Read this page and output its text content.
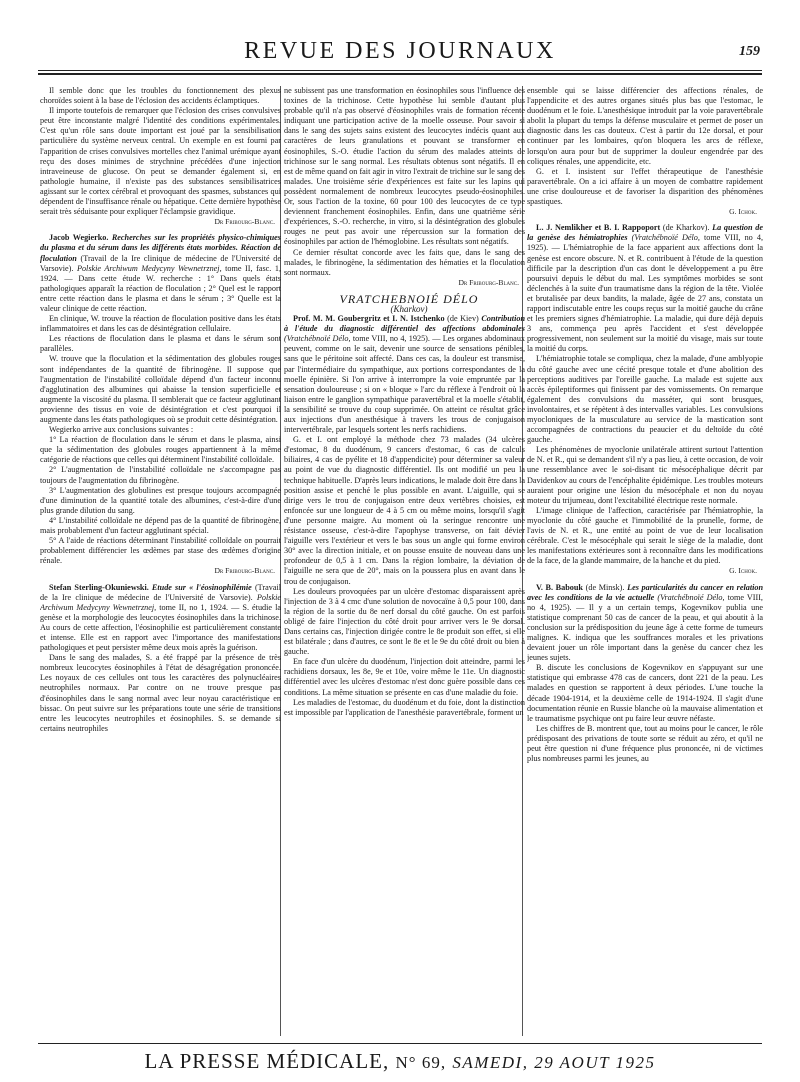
REVUE DES JOURNAUX	159

Il semble donc que les troubles du fonctionnement des plexus choroïdes soient à la base de l'éclosion des accidents éclamptiques.

Il importe toutefois de remarquer que l'éclosion des crises convulsives peut être inconstante malgré l'identité des conditions expérimentales. C'est qu'un rôle sans doute important est joué par la sensibilisation particulière du système nerveux central. Un exemple en est fourni par l'apparition de crises convulsives mortelles chez l'animal urémique ayant reçu des doses minimes de strychnine précédées d'une injection intraveineuse de glucose. On peut se demander également si, en pathologie humaine, il n'existe pas des substances sensibilisatrices agissant sur le cortex cérébral et provoquant des spasmes, substances qui dépendent de l'insuffisance rénale ou hépatique. Cette dernière hypothèse serait très séduisante pour expliquer l'éclampsie gravidique.

Dr Fribourg-Blanc.

Jacob Wegierko. Recherches sur les propriétés physico-chimiques du plasma et du sérum dans les différents états morbides. Réaction de floculation (Travail de la Ire clinique de médecine de l'Université de Varsovie). Polskie Archiwum Medycyny Wewnetrznej, tome II, fasc. 1, 1924. — Dans cette étude W. recherche : 1° Dans quels états pathologiques apparaît la réaction de floculation ; 2° Quel est le rapport entre cette réaction dans le plasma et dans le sérum ; 3° Quelle est la valeur clinique de cette réaction.

En clinique, W. trouve la réaction de floculation positive dans les états inflammatoires et dans les cas de désintégration cellulaire.

Les réactions de floculation dans le plasma et dans le sérum sont parallèles.

W. trouve que la floculation et la sédimentation des globules rouges sont indépendantes de la quantité de fibrinogène. Il suppose que l'augmentation de l'instabilité colloïdale dépend d'un facteur inconnu d'agglutination des albumines qui abaisse la tension superficielle et augmente la viscosité du plasma. Il semblerait que ce facteur agglutinant provienne des tissus en voie de désintégration et c'est pourquoi il augmente dans les états pathologiques où se produit cette désintégration.

Wegierko arrive aux conclusions suivantes :

1° La réaction de floculation dans le sérum et dans le plasma, ainsi que la sédimentation des globules rouges appartiennent à la même catégorie de réactions que celles qui déterminent l'instabilité colloïdale.

2° L'augmentation de l'instabilité colloïdale ne s'accompagne pas toujours de l'augmentation du fibrinogène.

3° L'augmentation des globulines est presque toujours accompagnée d'une diminution de la quantité totale des albumines, c'est-à-dire d'une plus grande dilution du sang.

4° L'instabilité colloïdale ne dépend pas de la quantité de fibrinogène, mais probablement d'un facteur agglutinant spécial.

5° A l'aide de réactions déterminant l'instabilité colloïdale on pourrait probablement différencier les œdèmes par stase des œdèmes d'origine rénale.

Dr Fribourg-Blanc.

Stefan Sterling-Okuniewski. Etude sur « l'éosinophilémie (Travail de la Ire clinique de médecine de l'Université de Varsovie). Polskie Archiwum Medycyny Wewnetrznej, tome II, no 1, 1924. — S. étudie la genèse et la morphologie des leucocytes éosinophiles dans la trichinose. Au cours de cette affection, l'éosinophilie est particulièrement constante et intense. Elle est en rapport avec l'importance des manifestations pathologiques et peut persister même deux mois après la guérison.

Dans le sang des malades, S. a été frappé par la présence de très nombreux leucocytes éosinophiles à l'état de désagrégation prononcée. Les noyaux de ces cellules ont tous les caractères des polynucléaires neutrophiles normaux. Par contre on ne trouve presque pas d'éosinophiles dans le sang normal avec leur noyau caractéristique en bissac. On peut suivre sur les préparations toute une série de transitions entre les leucocytes neutrophiles et éosinophiles. S. se demande si certains neutrophiles

ne subissent pas une transformation en éosinophiles sous l'influence des toxines de la trichinose. Cette hypothèse lui semble d'autant plus probable qu'il n'a pas observé d'éosinophiles vrais de formation récente indiquant une participation active de la moelle osseuse. Pour savoir si dans le sang des sujets sains existent des leucocytes indécis quant aux caractères de leurs granulations et pouvant se transformer en éosinophiles, S.-O. étudie l'action du sérum des malades atteints de trichinose sur le sang normal. Les résultats obtenus sont négatifs. Il en est de même quand on fait agir in vitro l'extrait de trichine sur le sang des malades. Une troisième série d'expériences est faite sur les lapins qui possèdent normalement de nombreux leucocytes pseudo-éosinophiles. Or, sous l'action de la toxine, 60 pour 100 des leucocytes de ce type deviennent franchement éosinophiles. Enfin, dans une quatrième série d'expériences, S.-O. recherche, in vitro, si la désintégration des globules rouges ne peut pas avoir une répercussion sur la formation des éosinophiles par action de l'hémoglobine. Les résultats sont négatifs.

Ce dernier résultat concorde avec les faits que, dans le sang des malades, le fibrinogène, la sédimentation des hématies et la floculation sont normaux.

Dr Fribourg-Blanc.

VRATCHEBNOIÉ DÉLO

(Kharkov)

Prof. M. M. Goubergritz et I. N. Istchenko (de Kiev) Contribution à l'étude du diagnostic différentiel des affections abdominales (Vratchébnoïé Délo, tome VIII, no 4, 1925). — Les organes abdominaux peuvent, comme on le sait, devenir une source de sensations pénibles, sans que le péritoine soit affecté. Dans ces cas, la douleur est transmise, par l'intermédiaire du sympathique, aux portions correspondantes de la moelle épinière. Si l'on arrive à interrompre la voie empruntée par la sensation douloureuse ; si on « bloque » l'arc du réflexe à l'endroit où la liaison entre le ganglion sympathique paravertébral et la moelle s'établit, la sensibilité se trouve du coup supprimée. On atteint ce résultat grâce aux injections d'un anesthésique à travers les trous de conjugaison intervertébrale, par lesquels sortent les nerfs rachidiens.

G. et I. ont employé la méthode chez 73 malades (34 ulcères d'estomac, 8 du duodénum, 9 cancers d'estomac, 6 cas de calculs biliaires, 4 cas de pyélite et 18 d'appendicite) pour déterminer sa valeur au point de vue du diagnostic différentiel. Ils ont modifié un peu la technique habituelle. D'après leurs indications, le malade doit être dans la position assise et penché le plus possible en avant. L'aiguille, qui se dirige vers le trou de conjugaison entre deux vertèbres choisies, est enfoncée sur une longueur de 4 à 5 cm ou même moins, lorsqu'il s'agit d'une personne maigre. Au moment où la seringue rencontre une résistance osseuse, c'est-à-dire l'apophyse transverse, on fait dévier l'aiguille vers l'extérieur et vers le bas sous un angle qui forme environ 30° avec la direction initiale, et on pousse ensuite de nouveau dans une profondeur de 0,5 à 1 cm. Dans la région lombaire, la déviation de l'aiguille ne sera que de 20°, mais on la poussera plus en avant dans le trou de conjugaison.

Les douleurs provoquées par un ulcère d'estomac disparaissent après l'injection de 3 à 4 cmc d'une solution de novocaïne à 0,5 pour 100, dans la région de la sortie du 8e nerf dorsal du côté gauche. On est parfois obligé de faire l'injection du côté droit pour arriver vers le 9e dorsal. Dans certains cas, l'injection dirigée contre le 8e produit son effet, si elle est bilatérale ; dans d'autres, ce sont le 8e et le 9e du côté droit ou bien à gauche.

En face d'un ulcère du duodénum, l'injection doit atteindre, parmi les rachidiens dorsaux, les 8e, 9e et 10e, voire même le 11e. Un diagnostic différentiel avec les ulcères d'estomac n'est donc guère possible dans ces conditions. La même situation se présente en cas d'une maladie du foie.

Les maladies de l'estomac, du duodénum et du foie, dont la distinction est impossible par l'application de l'anesthésie paravertébrale, forment un

ensemble qui se laisse différencier des affections rénales, de l'appendicite et des autres organes situés plus bas que l'estomac, le duodénum et le foie. L'anesthésique introduit par la voie paravertébrale abolit la plupart du temps la défense musculaire et permet de poser un diagnostic dans les cas douteux. C'est à partir du 12e dorsal, et pour continuer par les lombaires, qu'on bloquera les arcs de réflexe, lorsqu'on aura pour but de supprimer la douleur engendrée par des coliques rénales, une appendicite, etc.

G. et I. insistent sur l'effet thérapeutique de l'anesthésie paravertébrale. On a ici affaire à un moyen de combattre rapidement une crise douloureuse et de favoriser la disparition des phénomènes spastiques.

G. Ichok.

L. J. Nemlikher et B. I. Rappoport (de Kharkov). La question de la genèse des hémiatrophies (Vratchébnoïé Délo, tome VIII, no 4, 1925). — L'hémiatrophie de la face apparient aux affections dont la genèse est encore obscure. N. et R. contribuent à l'étude de la question difficile par la description d'un cas dont le développement a pu être poursuivi depuis le début du mal. Les symptômes morbides se sont déclenchés à la suite d'un traumatisme dans la région de la tête. Violée et brutalisée par deux bandits, la malade, âgée de 27 ans, constata un rapport indiscutable entre les coups reçus sur la moitié gauche du crâne et les premiers signes d'hémiatrophie. La maladie, qui dure déjà depuis 3 ans, commença peu après l'accident et s'est développée progressivement, non seulement sur la moitié du visage, mais sur toute la moitié du corps.

L'hémiatrophie totale se compliqua, chez la malade, d'une amblyopie du côté gauche avec une cécité presque totale et d'une abolition des perceptions auditives par l'oreille gauche. La malade est sujette aux accès épileptiformes qui finissent par des vomissements. On remarque également des convulsions du masséter, qui sont brusques, involontaires, et se répètent à des intervalles variables. Les convulsions myocloniques de la musculature au service de la mastication sont accompagnées de contractions du peaucier et du deltoïde du côté gauche.

Les phénomènes de myoclonie unilatérale attirent surtout l'attention de N. et R., qui se demandent s'il n'y a pas lieu, à cette occasion, de voir une ressemblance avec le soi-disant tic mésocéphalique décrit par Davidenkov au cours de l'encéphalite épidémique. Les troubles moteurs auraient pour origine une lésion du mésocéphale et non du noyau moteur du trijumeau, dont l'excitabilité électrique reste normale.

L'image clinique de l'affection, caractérisée par l'hémiatrophie, la myoclonie du côté gauche et l'immobilité de la prunelle, forme, de l'avis de N. et R., une entité au point de vue de leur localisation cérébrale. C'est le mésocéphale qui serait le siège de la maladie, dont les manifestations extérieures sont à reconnaître dans les modifications de la face, de la glande mammaire, de la hanche et du pied.

G. Ichok.

V. B. Babouk (de Minsk). Les particularités du cancer en relation avec les conditions de la vie actuelle (Vratchébnoïé Délo, tome VIII, no 4, 1925). — Il y a un certain temps, Kogevnikov publia une statistique comprenant 50 cas de cancer de la peau, et qui aboutit à la conclusion sur la prédisposition du jeune âge à cette forme de tumeurs malignes. K. indiqua que les souffrances morales et les privations devaient jouer un rôle important dans la genèse du cancer chez les jeunes sujets.

B. discute les conclusions de Kogevnikov en s'appuyant sur une statistique qui embrasse 478 cas de cancers, dont 221 de la peau. Les malades en question se rapportent à deux périodes. L'une touche la décade 1904-1914, et la deuxième celle de 1914-1924. Il s'agit d'une documentation réunie en Russie blanche où la mauvaise alimentation et le traumatisme psychique ont pu faire leur œuvre néfaste.

Les chiffres de B. montrent que, tout au moins pour le cancer, le rôle prédisposant des privations de toute sorte se réduit au zéro, et qu'il ne peut être question ni d'une fréquence plus prononcée, ni de victimes plus nombreuses parmi les jeunes, au

LA PRESSE MÉDICALE, N° 69, SAMEDI, 29 AOUT 1925
